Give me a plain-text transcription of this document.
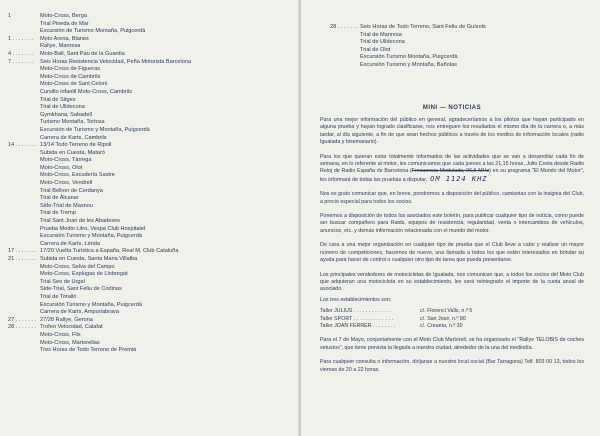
1	Moto-Cross, Berga
Trial Pineda de Mar
Excursión de Turismo Montaña, Puigcerdà
1 . . . . . . .	Moto Arena, Blanes
Rallye, Manresa
4 . . . . . . .	Moto-Ball, Sant Pau de la Guardia
7 . . . . . . .	Seis Horas Resistencia Velocidad, Peña Motorista Barcelona
Moto-Cross de Figueras
Moto-Cross de Cambrils
Moto-Cross de Sant Celoni
Cursillo infantil Moto-Cross, Cambrils
Trial de Sitges
Trial de Ulldecona
Gymkhana, Sabadell
Turismo Montaña, Tortosa
Excursión de Turismo y Montaña, Puigcerdà
Carrera de Karts, Cambrils
14 . . . . . . . 13/14 Todo Terreno de Ripoll
Subida en Cuesta, Mataró
Moto-Cross, Tàrrega
Moto-Cross, Olot
Moto-Cross, Escudería Sastre
Moto-Cross, Vendrell
Trial Bellver de Cerdanya
Trial de Alcanar
Side-Trial de Masnou
Trial de Tremp
Trial Sant Joan de les Abadeses
Prueba Medio Litro, Vespa Club Hospitalet
Excursión Turismo y Montaña, Puigcerdà
Carrera de Karts, Lérida
17 . . . . . . . 17/20 Vuelta Turística a España, Real M. Club Cataluña
21 . . . . . . . Subida en Cuesta, Santa Maria Villalba
Moto-Cross, Selva del Campo
Moto-Cross, Esplugas de Llobregat
Trial Seo de Urgel
Side-Trial, Sant Feliu de Codinas
Trial de Toralló
Excursión Turismo y Montaña, Puigcerdà
Carrera de Karts, Ampuriabrava
27 . . . . . . . 27/28 Rallye, Gerona
28 . . . . . . . Trofeo Velocidad, Calafat
Moto-Cross, Flix
Moto-Cross, Martorellas
Tres Horas de Todo Terreno de Premià
28 . . . . . . . Seis Horas de Todo Terreno, Sant Feliu de Guíxols
Trial de Manresa
Trial de Ulldecona
Trial de Olot
Excursión Turismo Montaña, Puigcerdà
Excursión Turismo y Montaña, Bañolas
MINI — NOTICIAS

Para una mejor información del público en general, agradeceríamos a los pilotos que hayan participado en alguna prueba y hayan logrado clasificarse, nos entreguen los resultados el mismo día de la carrera o, a más tardar, al día siguiente, a fin de que sean hechos públicos a través de los medios de información locales (radio Igualada y bisemanario).

Para los que quieran estar totalmente informados de las actividades que se van a desarrollar cada fin de semana, en lo referente al motor, les comunicamos que cada jueves a las 21,15 horas, Julio Costa desde Radio Reloj de Radio España de Barcelona (Frecuencia Modulada, 96,5 MHz) en su programa "El Mundo del Motor", les informará de todas las pruebas a disputar. OM 1124 KHZ

Nos es grato comunicar que, en breve, pondremos a disposición del público, camisetas con la insignia del Club, a precio especial para todos los socios.

Ponemos a disposición de todos los asociados este boletín, para publicar cualquier tipo de noticia, como puede ser buscar compañero para Raids, equipos de resistencia, regularidad, venta o intercambios de vehículos, anuncios, etc. y demás información relacionada con el mundo del motor.

De cara a una mejor organización en cualquier tipo de prueba que el Club lleve a cabo y realizar un mayor número de competiciones, hacemos de nuevo, una llamada a todos los que estén interesados en brindar su ayuda para hacer de control o cualquier otro tipo de tarea que pueda presentarse.

Los principales vendedores de motocicletas de Igualada, nos comunican que, a todos los socios del Moto Club que adquieran una motocicleta en su establecimiento, les será reintegrado el importe de la cuota anual de asociado.

Los tres establecimientos son:

Taller JULIUS . . . . . . . . . . . . .	c/. Florenci Valls, n.º 5
Taller SPORT . . . . . . . . . . . . . .	c/. San José, n.º 80
Taller JOAN FERRER . . . . . . . .	c/. Creueta, n.º 30

Para el 7 de Mayo, conjuntamente con el Moto Club Martorell, se ha organizado el "Rallye TELOBIS de coches vetustos", que tiene prevista la llegada a nuestra ciudad, alrededor de la una del mediodía.

Para cualquier consulta o información, diríjanse a nuestro local social (Bar Tarragona) Telf. 803 00 13, todos los viernes de 20 a 22 horas.
